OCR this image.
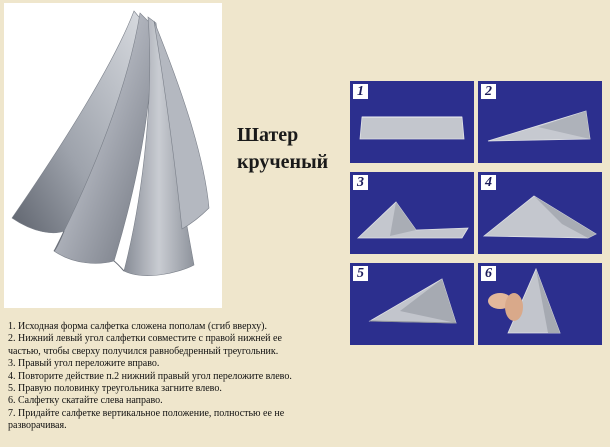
Шатер
крученый
1	2
3	4
5	6
1. Исходная форма салфетка сложена пополам (сгиб вверху).
2. Нижний левый угол салфетки совместите с правой нижней ее
частью, чтобы сверху получился равнобедренный треугольник.
3. Правый угол переложите вправо.
4. Повторите действие п.2 нижний правый угол переложите влево.
5. Правую половинку треугольника загните влево.
6. Салфетку скатайте слева направо.
7. Придайте салфетке вертикальное положение, полностью ее не
разворачивая.
